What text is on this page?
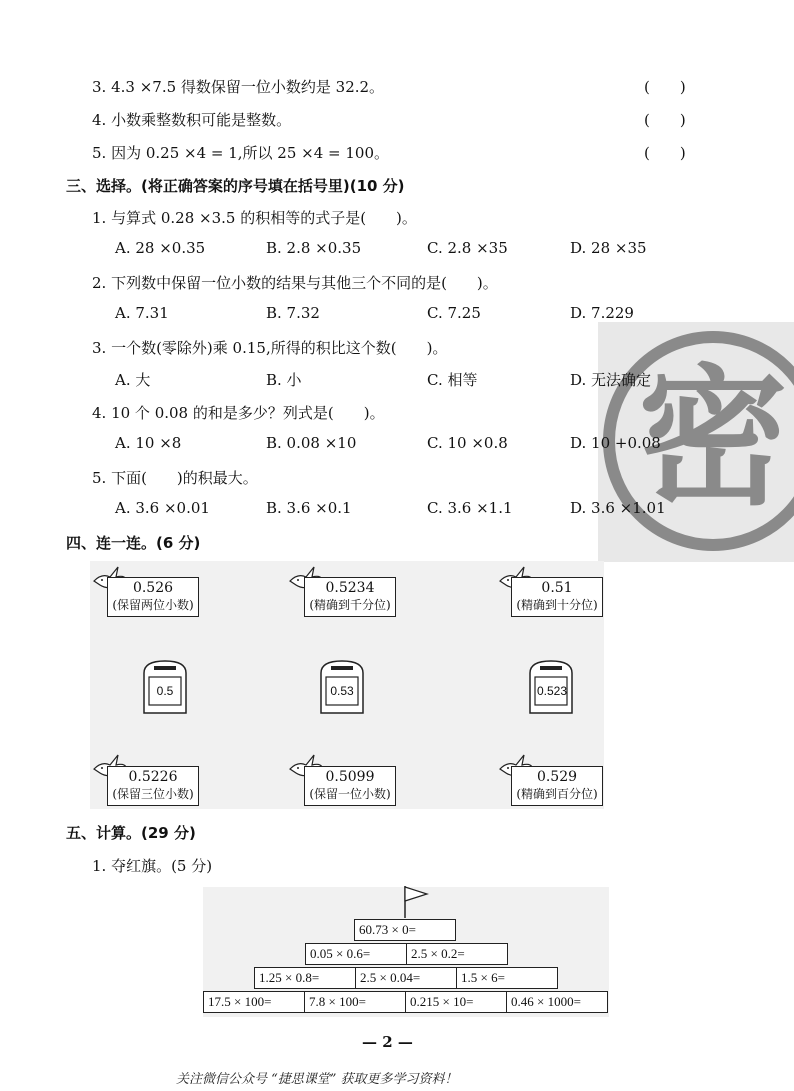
3. 4.3 ×7.5 得数保留一位小数约是 32.2。	(　　)
4. 小数乘整数积可能是整数。	(　　)
5. 因为 0.25 ×4 = 1,所以 25 ×4 = 100。	(　　)
密
三、选择。(将正确答案的序号填在括号里)(10 分)
1. 与算式 0.28 ×3.5 的积相等的式子是(　　)。
A. 28 ×0.35	B. 2.8 ×0.35	C. 2.8 ×35	D. 28 ×35
2. 下列数中保留一位小数的结果与其他三个不同的是(　　)。
A. 7.31	B. 7.32	C. 7.25	D. 7.229
3. 一个数(零除外)乘 0.15,所得的积比这个数(　　)。
A. 大	B. 小	C. 相等	D. 无法确定
4. 10 个 0.08 的和是多少？列式是(　　)。
A. 10 ×8	B. 0.08 ×10	C. 10 ×0.8	D. 10 +0.08
5. 下面(　　)的积最大。
A. 3.6 ×0.01	B. 3.6 ×0.1	C. 3.6 ×1.1	D. 3.6 ×1.01
四、连一连。(6 分)
0.526
(保留两位小数)
0.5234
(精确到千分位)
0.51
(精确到十分位)
0.5	0.53	0.523
0.5226
(保留三位小数)
0.5099
(保留一位小数)
0.529
(精确到百分位)
五、计算。(29 分)
1. 夺红旗。(5 分)
60.73 × 0=
0.05 × 0.6=	2.5 × 0.2=
1.25 × 0.8=	2.5 × 0.04=	1.5 × 6=
17.5 × 100=	7.8 × 100=	0.215 × 10=	0.46 × 1000=
— 2 —
关注微信公众号 “捷思课堂” 获取更多学习资料！
